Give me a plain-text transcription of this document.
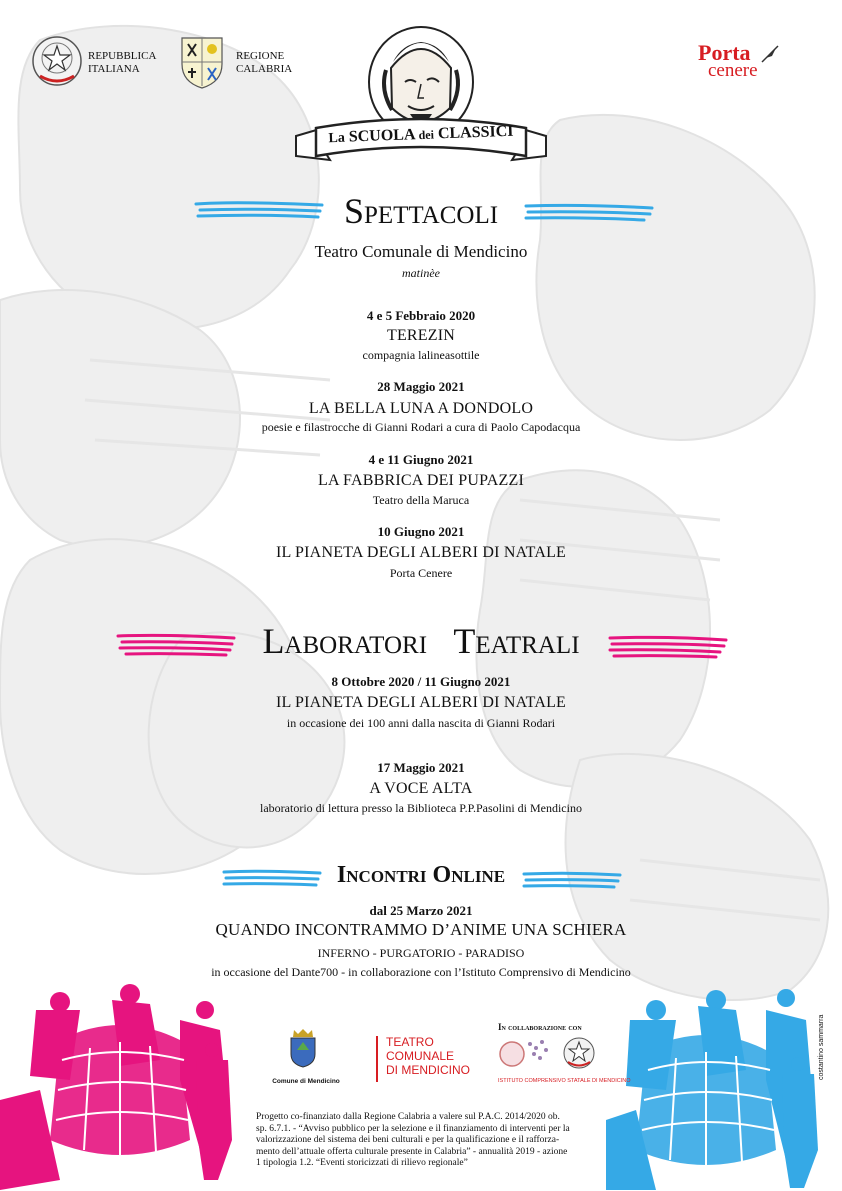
REPUBBLICA
ITALIANA
REGIONE
CALABRIA
Porta
cenere
La SCUOLA dei CLASSICI
Spettacoli
Teatro Comunale di Mendicino
matinèe
4 e 5 Febbraio 2020
TEREZIN
compagnia lalineasottile
28 Maggio 2021
LA BELLA LUNA A DONDOLO
poesie e filastrocche di Gianni Rodari a cura di Paolo Capodacqua
4 e 11 Giugno 2021
LA FABBRICA DEI PUPAZZI
Teatro della Maruca
10 Giugno 2021
IL PIANETA DEGLI ALBERI DI NATALE
Porta Cenere
Laboratori   Teatrali
8 Ottobre 2020 / 11 Giugno 2021
IL PIANETA DEGLI ALBERI DI NATALE
in occasione dei 100 anni dalla nascita di Gianni Rodari
17 Maggio 2021
A VOCE ALTA
laboratorio di lettura presso la Biblioteca P.P.Pasolini di Mendicino
Incontri Online
dal 25 Marzo 2021
QUANDO INCONTRAMMO D’ANIME UNA SCHIERA
INFERNO - PURGATORIO - PARADISO
in occasione del Dante700 - in collaborazione con l’Istituto Comprensivo di Mendicino
costantino sammarra
Comune di Mendicino
TEATRO
COMUNALE
DI MENDICINO
In collaborazione con
ISTITUTO COMPRENSIVO STATALE DI MENDICINO
Progetto co-finanziato dalla Regione Calabria a valere sul P.A.C. 2014/2020 ob.
sp. 6.7.1. - “Avviso pubblico per la selezione e il finanziamento di interventi per la
valorizzazione del sistema dei beni culturali e per la qualificazione e il rafforza-
mento dell’attuale offerta culturale presente in Calabria” - annualità 2019 - azione
1 tipologia 1.2. “Eventi storicizzati di rilievo regionale”
